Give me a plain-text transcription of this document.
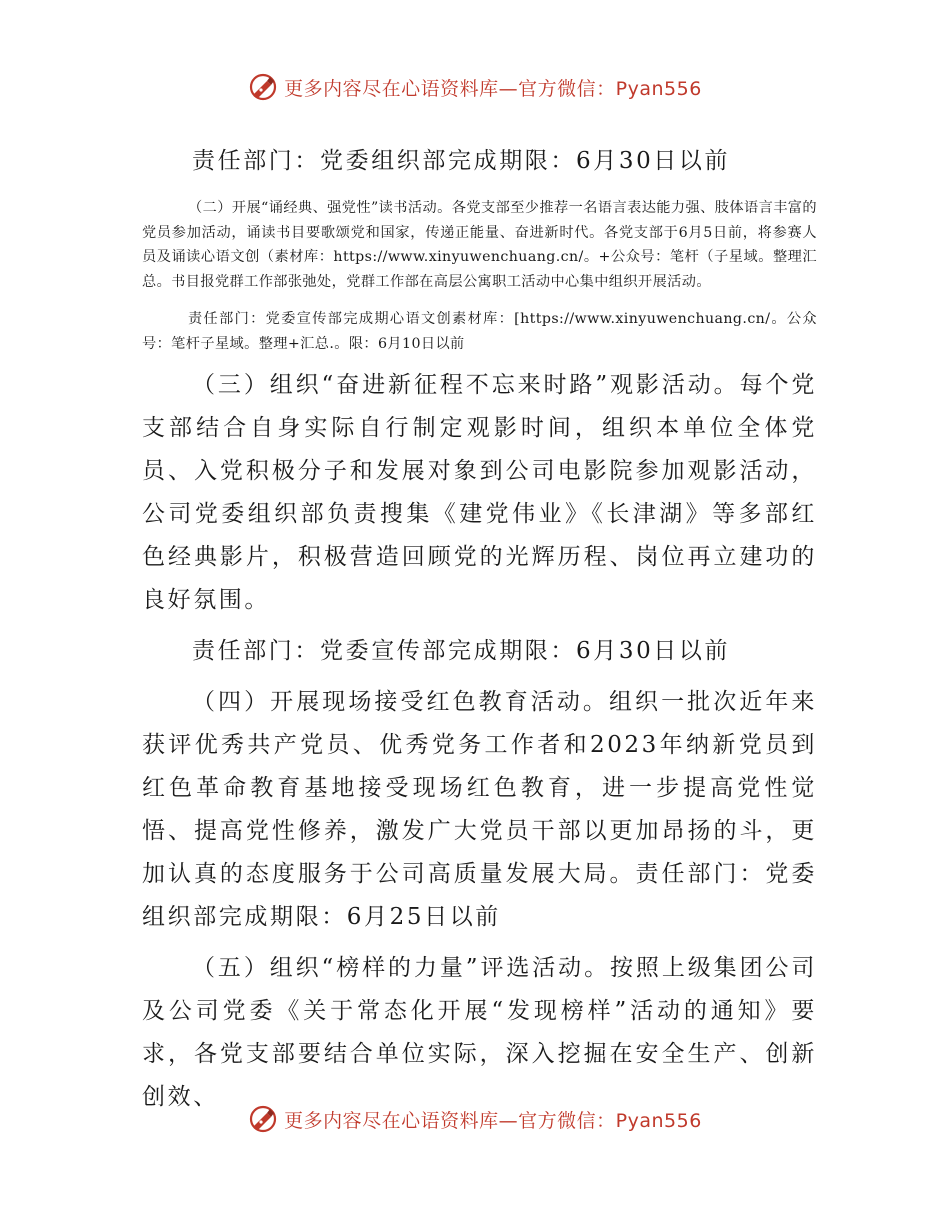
更多内容尽在心语资料库—官方微信：Pyan556

责任部门：党委组织部完成期限：6月30日以前

（二）开展“诵经典、强党性”读书活动。各党支部至少推荐一名语言表达能力强、肢体语言丰富的党员参加活动，诵读书目要歌颂党和国家，传递正能量、奋进新时代。各党支部于6月5日前，将参赛人员及诵读心语文创（素材库：https://www.xinyuwenchuang.cn/。+公众号：笔杆（子星域。整理汇总。书目报党群工作部张弛处，党群工作部在高层公寓职工活动中心集中组织开展活动。

责任部门：党委宣传部完成期心语文创素材库：[https://www.xinyuwenchuang.cn/。公众号：笔杆子星域。整理+汇总.。限：6月10日以前

（三）组织“奋进新征程不忘来时路”观影活动。每个党支部结合自身实际自行制定观影时间，组织本单位全体党员、入党积极分子和发展对象到公司电影院参加观影活动，公司党委组织部负责搜集《建党伟业》《长津湖》等多部红色经典影片，积极营造回顾党的光辉历程、岗位再立建功的良好氛围。

责任部门：党委宣传部完成期限：6月30日以前

（四）开展现场接受红色教育活动。组织一批次近年来获评优秀共产党员、优秀党务工作者和2023年纳新党员到红色革命教育基地接受现场红色教育，进一步提高党性觉悟、提高党性修养，激发广大党员干部以更加昂扬的斗，更加认真的态度服务于公司高质量发展大局。责任部门：党委组织部完成期限：6月25日以前

（五）组织“榜样的力量”评选活动。按照上级集团公司及公司党委《关于常态化开展“发现榜样”活动的通知》要求，各党支部要结合单位实际，深入挖掘在安全生产、创新创效、

更多内容尽在心语资料库—官方微信：Pyan556
